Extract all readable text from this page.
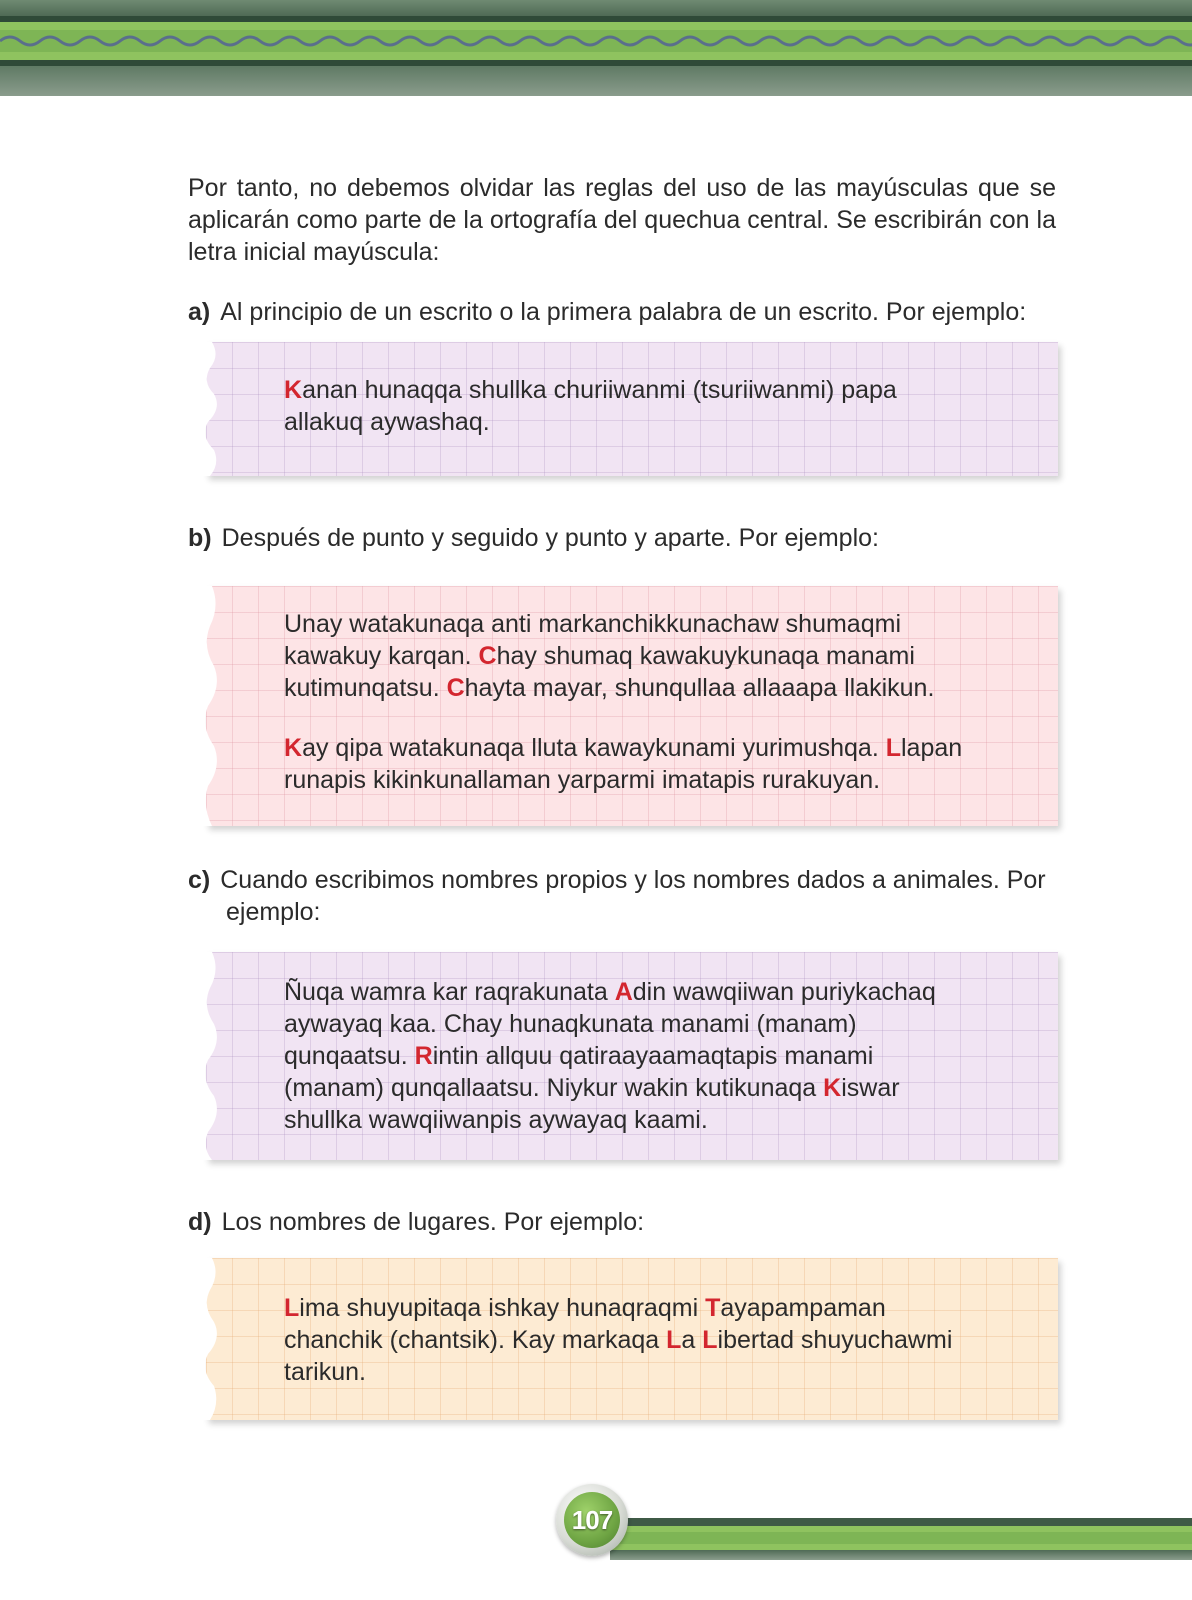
Por tanto, no debemos olvidar las reglas del uso de las mayúsculas que se aplicarán como parte de la ortografía del quechua central. Se escribirán con la letra inicial mayúscula:

a) Al principio de un escrito o la primera palabra de un escrito. Por ejemplo:

Kanan hunaqqa shullka churiiwanmi (tsuriiwanmi) papa
allakuq aywashaq.

b) Después de punto y seguido y punto y aparte. Por ejemplo:

Unay watakunaqa anti markanchikkunachaw shumaqmi
kawakuy karqan. Chay shumaq kawakuykunaqa manami
kutimunqatsu. Chayta mayar, shunqullaa allaaapa llakikun.

Kay qipa watakunaqa lluta kawaykunami yurimushqa. Llapan
runapis kikinkunallaman yarparmi imatapis rurakuyan.

c) Cuando escribimos nombres propios y los nombres dados a animales. Por ejemplo:

Ñuqa wamra kar raqrakunata Adin wawqiiwan puriykachaq
aywayaq kaa. Chay hunaqkunata manami (manam)
qunqaatsu. Rintin allquu qatiraayaamaqtapis manami
(manam) qunqallaatsu. Niykur wakin kutikunaqa Kiswar
shullka wawqiiwanpis aywayaq kaami.

d) Los nombres de lugares. Por ejemplo:

Lima shuyupitaqa ishkay hunaqraqmi Tayapampaman
chanchik (chantsik). Kay markaqa La Libertad shuyuchawmi
tarikun.

107
